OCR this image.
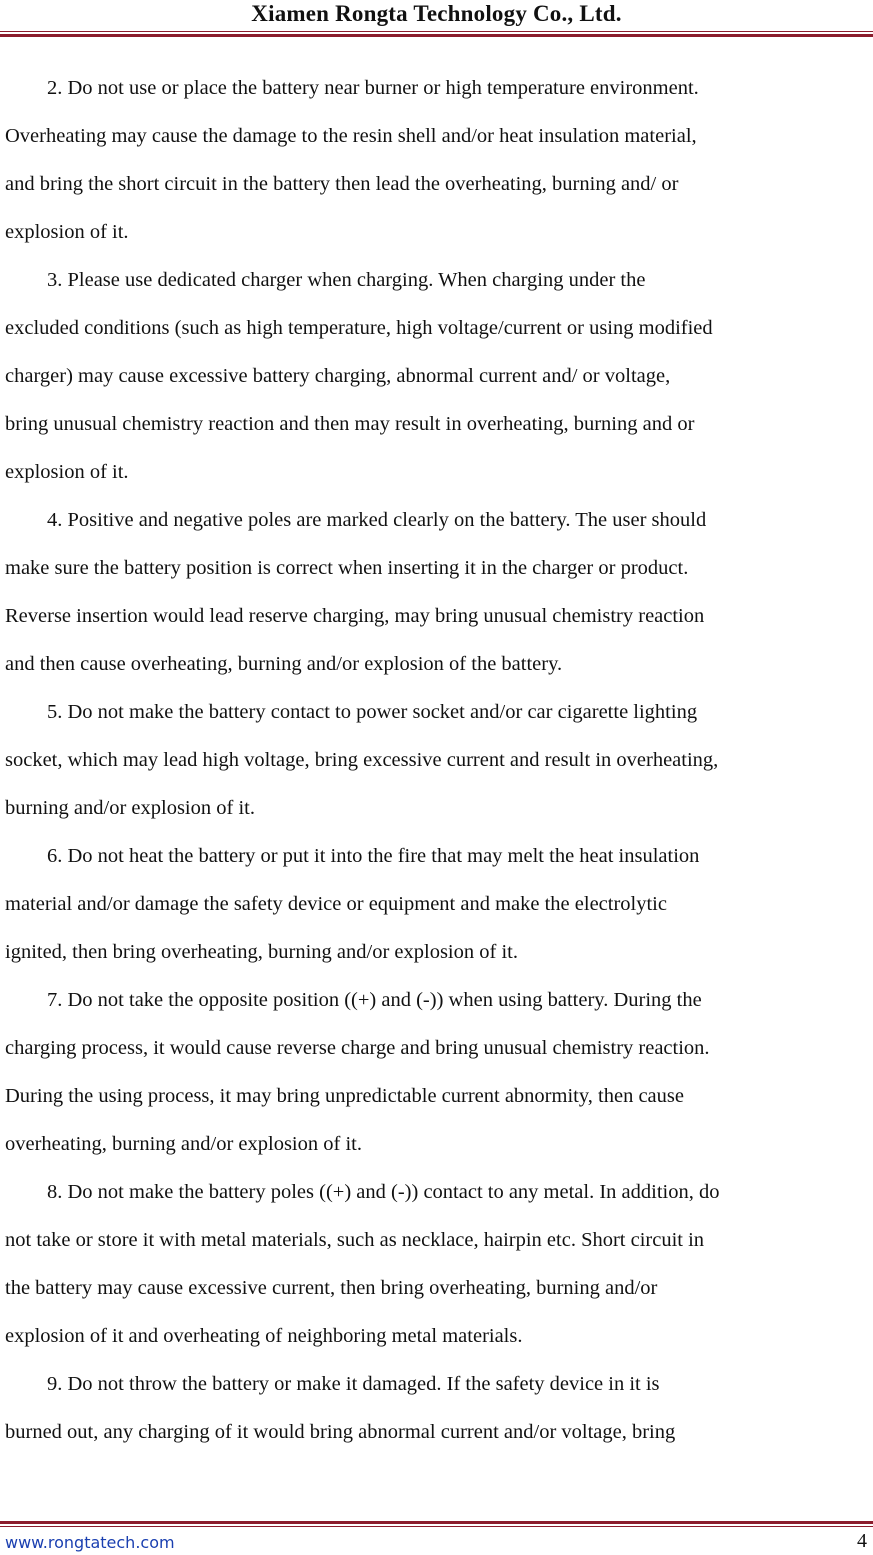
Xiamen Rongta Technology Co., Ltd.

2. Do not use or place the battery near burner or high temperature environment.
Overheating may cause the damage to the resin shell and/or heat insulation material,
and bring the short circuit in the battery then lead the overheating, burning and/ or
explosion of it.

3. Please use dedicated charger when charging. When charging under the
excluded conditions (such as high temperature, high voltage/current or using modified
charger) may cause excessive battery charging, abnormal current and/ or voltage,
bring unusual chemistry reaction and then may result in overheating, burning and or
explosion of it.

4. Positive and negative poles are marked clearly on the battery. The user should
make sure the battery position is correct when inserting it in the charger or product.
Reverse insertion would lead reserve charging, may bring unusual chemistry reaction
and then cause overheating, burning and/or explosion of the battery.

5. Do not make the battery contact to power socket and/or car cigarette lighting
socket, which may lead high voltage, bring excessive current and result in overheating,
burning and/or explosion of it.

6. Do not heat the battery or put it into the fire that may melt the heat insulation
material and/or damage the safety device or equipment and make the electrolytic
ignited, then bring overheating, burning and/or explosion of it.

7. Do not take the opposite position ((+) and (-)) when using battery. During the
charging process, it would cause reverse charge and bring unusual chemistry reaction.
During the using process, it may bring unpredictable current abnormity, then cause
overheating, burning and/or explosion of it.

8. Do not make the battery poles ((+) and (-)) contact to any metal. In addition, do
not take or store it with metal materials, such as necklace, hairpin etc. Short circuit in
the battery may cause excessive current, then bring overheating, burning and/or
explosion of it and overheating of neighboring metal materials.

9. Do not throw the battery or make it damaged. If the safety device in it is
burned out, any charging of it would bring abnormal current and/or voltage, bring

www.rongtatech.com	4
